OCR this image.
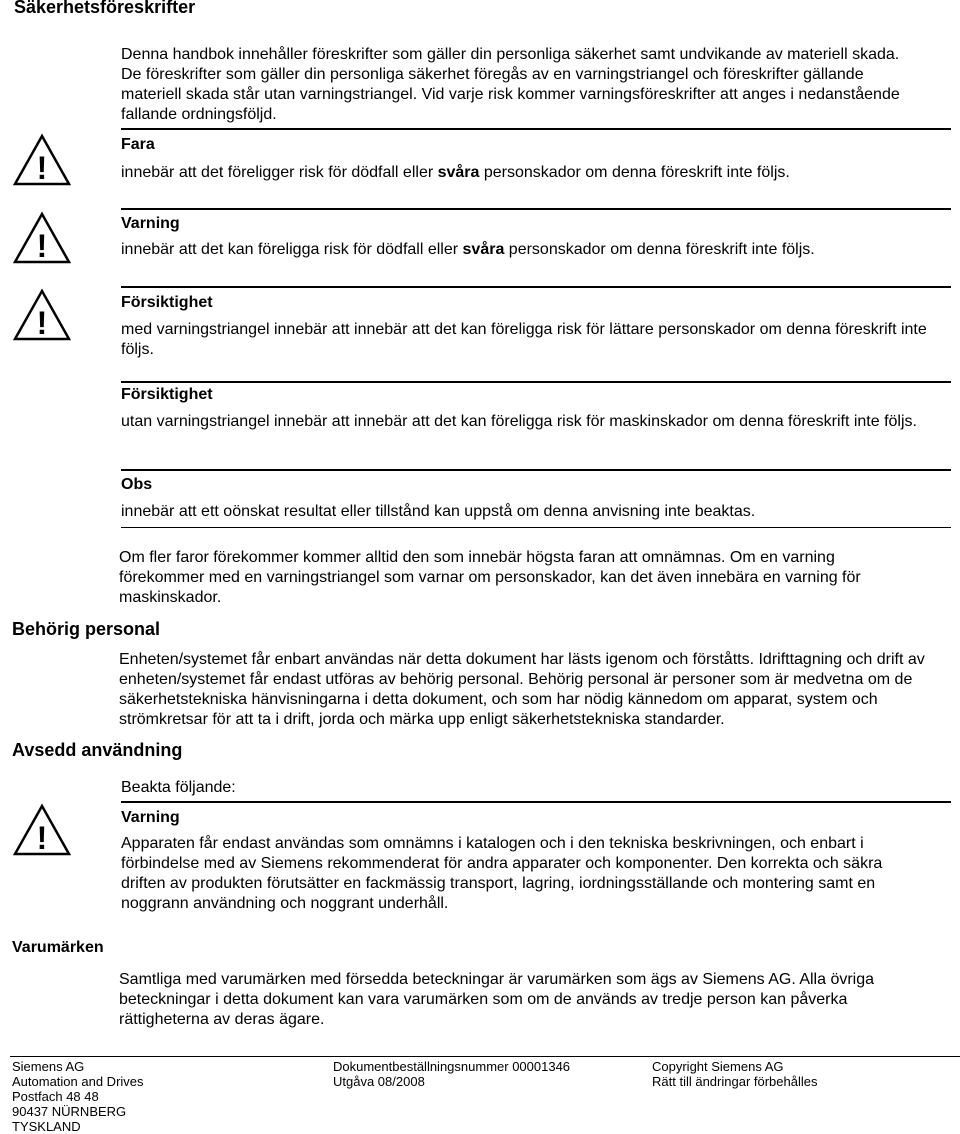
Säkerhetsföreskrifter
Denna handbok innehåller föreskrifter som gäller din personliga säkerhet samt undvikande av materiell skada. De föreskrifter som gäller din personliga säkerhet föregås av en varningstriangel och föreskrifter gällande materiell skada står utan varningstriangel. Vid varje risk kommer varningsföreskrifter att anges i nedanstående fallande ordningsföljd.
!
Fara
innebär att det föreligger risk för dödfall eller svåra personskador om denna föreskrift inte följs.
!
Varning
innebär att det kan föreligga risk för dödfall eller svåra personskador om denna föreskrift inte följs.
!
Försiktighet
med varningstriangel innebär att innebär att det kan föreligga risk för lättare personskador om denna föreskrift inte följs.
Försiktighet
utan varningstriangel innebär att innebär att det kan föreligga risk för maskinskador om denna föreskrift inte följs.
Obs
innebär att ett oönskat resultat eller tillstånd kan uppstå om denna anvisning inte beaktas.
Om fler faror förekommer kommer alltid den som innebär högsta faran att omnämnas. Om en varning förekommer med en varningstriangel som varnar om personskador, kan det även innebära en varning för maskinskador.
Behörig personal
Enheten/systemet får enbart användas när detta dokument har lästs igenom och förståtts. Idrifttagning och drift av enheten/systemet får endast utföras av behörig personal. Behörig personal är personer som är medvetna om de säkerhetstekniska hänvisningarna i detta dokument, och som har nödig kännedom om apparat, system och strömkretsar för att ta i drift, jorda och märka upp enligt säkerhetstekniska standarder.
Avsedd användning
Beakta följande:
!
Varning
Apparaten får endast användas som omnämns i katalogen och i den tekniska beskrivningen, och enbart i förbindelse med av Siemens rekommenderat för andra apparater och komponenter. Den korrekta och säkra driften av produkten förutsätter en fackmässig transport, lagring, iordningsställande och montering samt en noggrann användning och noggrant underhåll.
Varumärken
Samtliga med varumärken med försedda beteckningar är varumärken som ägs av Siemens AG. Alla övriga beteckningar i detta dokument kan vara varumärken som om de används av tredje person kan påverka rättigheterna av deras ägare.
Siemens AG
Automation and Drives
Postfach 48 48
90437 NÜRNBERG
TYSKLAND
Dokumentbeställningsnummer 00001346
Utgåva 08/2008
Copyright Siemens AG
Rätt till ändringar förbehålles
